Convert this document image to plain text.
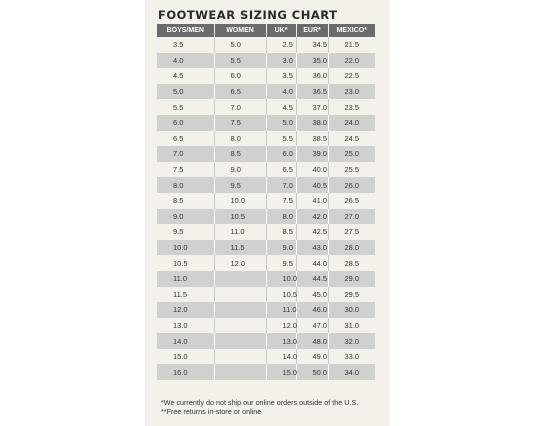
FOOTWEAR SIZING CHART
BOYS/MEN	WOMEN	UK*	EUR*	MEXICO*
3.5	5.0	2.5	34.5	21.5
4.0	5.5	3.0	35.0	22.0
4.5	6.0	3.5	36.0	22.5
5.0	6.5	4.0	36.5	23.0
5.5	7.0	4.5	37.0	23.5
6.0	7.5	5.0	38.0	24.0
6.5	8.0	5.5	38.5	24.5
7.0	8.5	6.0	39.0	25.0
7.5	9.0	6.5	40.0	25.5
8.0	9.5	7.0	40.5	26.0
8.5	10.0	7.5	41.0	26.5
9.0	10.5	8.0	42.0	27.0
9.5	11.0	8.5	42.5	27.5
10.0	11.5	9.0	43.0	28.0
10.5	12.0	9.5	44.0	28.5
11.0		10.0	44.5	29.0
11.5		10.5	45.0	29.5
12.0		11.0	46.0	30.0
13.0		12.0	47.0	31.0
14.0		13.0	48.0	32.0
15.0		14.0	49.0	33.0
16.0		15.0	50.0	34.0
*We currently do not ship our online orders outside of the U.S.
**Free returns in-store or online
